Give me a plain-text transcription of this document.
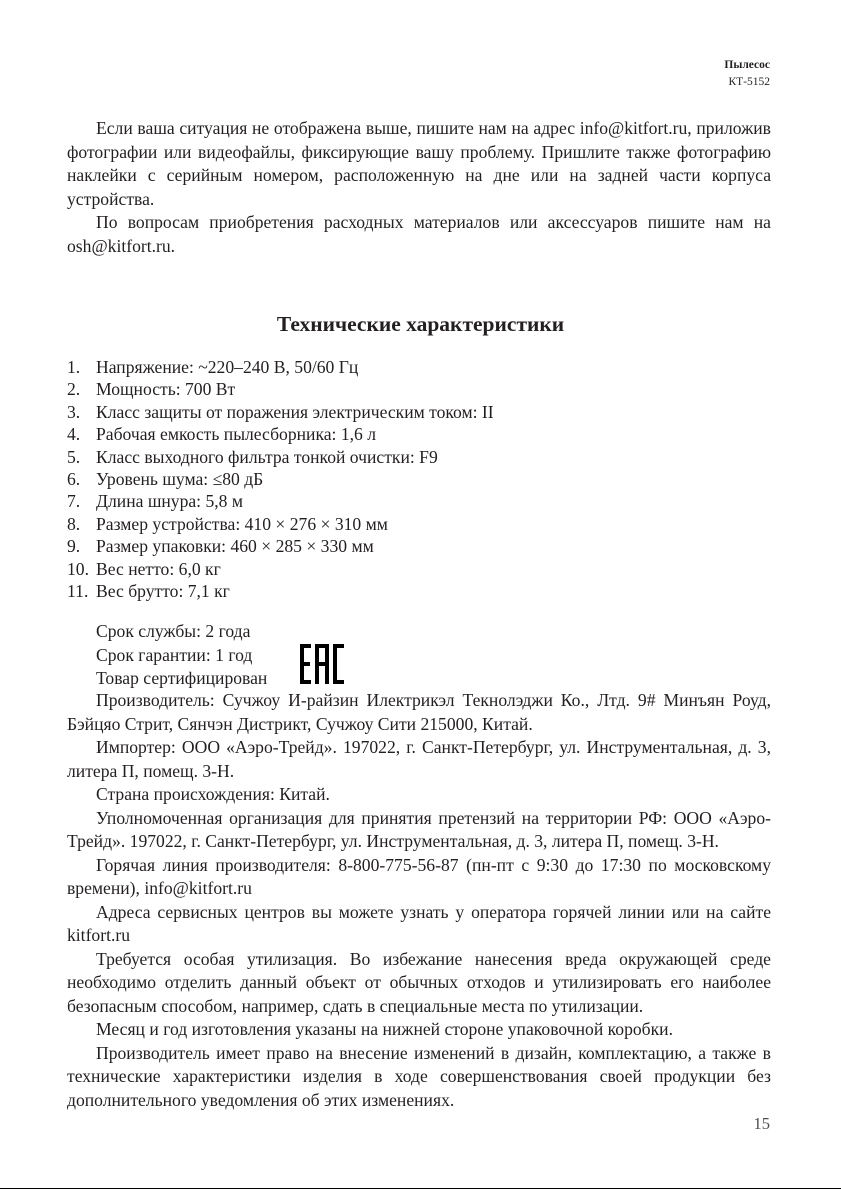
Пылесос
КТ-5152

Если ваша ситуация не отображена выше, пишите нам на адрес info@kitfort.ru, приложив фотографии или видеофайлы, фиксирующие вашу проблему. Пришлите также фотографию наклейки с серийным номером, расположенную на дне или на задней части корпуса устройства.

По вопросам приобретения расходных материалов или аксессуаров пишите нам на osh@kitfort.ru.

Технические характеристики
1. Напряжение: ~220–240 В, 50/60 Гц
2. Мощность: 700 Вт
3. Класс защиты от поражения электрическим током: II
4. Рабочая емкость пылесборника: 1,6 л
5. Класс выходного фильтра тонкой очистки: F9
6. Уровень шума: ≤80 дБ
7. Длина шнура: 5,8 м
8. Размер устройства: 410 × 276 × 310 мм
9. Размер упаковки: 460 × 285 × 330 мм
10. Вес нетто: 6,0 кг
11. Вес брутто: 7,1 кг
Срок службы: 2 года
Срок гарантии: 1 год
Товар сертифицирован

Производитель: Сучжоу И-райзин Илектрикэл Текнолэджи Ко., Лтд. 9# Минъян Роуд, Бэйцяо Стрит, Сянчэн Дистрикт, Сучжоу Сити 215000, Китай.

Импортер: ООО «Аэро-Трейд». 197022, г. Санкт-Петербург, ул. Инструментальная, д. 3, литера П, помещ. 3-Н.

Страна происхождения: Китай.

Уполномоченная организация для принятия претензий на территории РФ: ООО «Аэро-Трейд». 197022, г. Санкт-Петербург, ул. Инструментальная, д. 3, литера П, помещ. 3-Н.

Горячая линия производителя: 8-800-775-56-87 (пн-пт с 9:30 до 17:30 по московскому времени), info@kitfort.ru

Адреса сервисных центров вы можете узнать у оператора горячей линии или на сайте kitfort.ru

Требуется особая утилизация. Во избежание нанесения вреда окружающей среде необходимо отделить данный объект от обычных отходов и утилизировать его наиболее безопасным способом, например, сдать в специальные места по утилизации.

Месяц и год изготовления указаны на нижней стороне упаковочной коробки.

Производитель имеет право на внесение изменений в дизайн, комплектацию, а также в технические характеристики изделия в ходе совершенствования своей продукции без дополнительного уведомления об этих изменениях.

15
